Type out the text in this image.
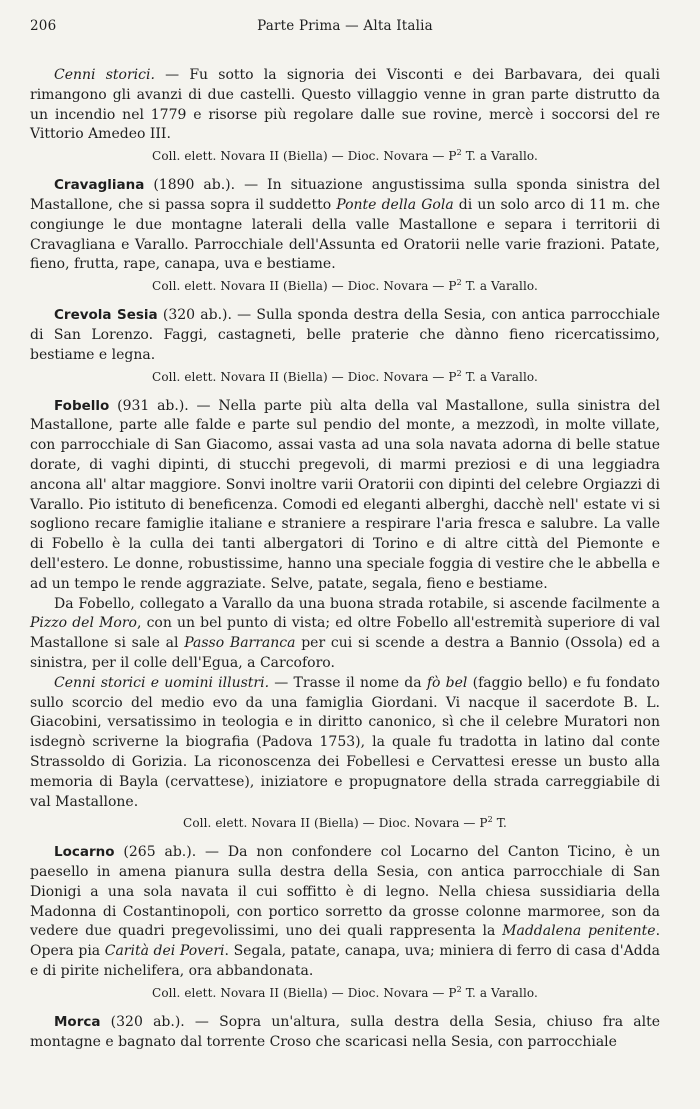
206	Parte Prima — Alta Italia

Cenni storici. — Fu sotto la signoria dei Visconti e dei Barbavara, dei quali rimangono gli avanzi di due castelli. Questo villaggio venne in gran parte distrutto da un incendio nel 1779 e risorse più regolare dalle sue rovine, mercè i soccorsi del re Vittorio Amedeo III.

Coll. elett. Novara II (Biella) — Dioc. Novara — $P^2$ T. a Varallo.

Cravagliana (1890 ab.). — In situazione angustissima sulla sponda sinistra del Mastallone, che si passa sopra il suddetto Ponte della Gola di un solo arco di 11 m. che congiunge le due montagne laterali della valle Mastallone e separa i territorii di Cravagliana e Varallo. Parrocchiale dell'Assunta ed Oratorii nelle varie frazioni. Patate, fieno, frutta, rape, canapa, uva e bestiame.

Coll. elett. Novara II (Biella) — Dioc. Novara — $P^2$ T. a Varallo.

Crevola Sesia (320 ab.). — Sulla sponda destra della Sesia, con antica parrocchiale di San Lorenzo. Faggi, castagneti, belle praterie che dànno fieno ricercatissimo, bestiame e legna.

Coll. elett. Novara II (Biella) — Dioc. Novara — $P^2$ T. a Varallo.

Fobello (931 ab.). — Nella parte più alta della val Mastallone, sulla sinistra del Mastallone, parte alle falde e parte sul pendio del monte, a mezzodì, in molte villate, con parrocchiale di San Giacomo, assai vasta ad una sola navata adorna di belle statue dorate, di vaghi dipinti, di stucchi pregevoli, di marmi preziosi e di una leggiadra ancona all' altar maggiore. Sonvi inoltre varii Oratorii con dipinti del celebre Orgiazzi di Varallo. Pio istituto di beneficenza. Comodi ed eleganti alberghi, dacchè nell' estate vi si sogliono recare famiglie italiane e straniere a respirare l'aria fresca e salubre. La valle di Fobello è la culla dei tanti albergatori di Torino e di altre città del Piemonte e dell'estero. Le donne, robustissime, hanno una speciale foggia di vestire che le abbella e ad un tempo le rende aggraziate. Selve, patate, segala, fieno e bestiame.

Da Fobello, collegato a Varallo da una buona strada rotabile, si ascende facilmente a Pizzo del Moro, con un bel punto di vista; ed oltre Fobello all'estremità superiore di val Mastallone si sale al Passo Barranca per cui si scende a destra a Bannio (Ossola) ed a sinistra, per il colle dell'Egua, a Carcoforo.

Cenni storici e uomini illustri. — Trasse il nome da fò bel (faggio bello) e fu fondato sullo scorcio del medio evo da una famiglia Giordani. Vi nacque il sacerdote B. L. Giacobini, versatissimo in teologia e in diritto canonico, sì che il celebre Muratori non isdegnò scriverne la biografia (Padova 1753), la quale fu tradotta in latino dal conte Strassoldo di Gorizia. La riconoscenza dei Fobellesi e Cervattesi eresse un busto alla memoria di Bayla (cervattese), iniziatore e propugnatore della strada carreggiabile di val Mastallone.

Coll. elett. Novara II (Biella) — Dioc. Novara — $P^2$ T.

Locarno (265 ab.). — Da non confondere col Locarno del Canton Ticino, è un paesello in amena pianura sulla destra della Sesia, con antica parrocchiale di San Dionigi a una sola navata il cui soffitto è di legno. Nella chiesa sussidiaria della Madonna di Costantinopoli, con portico sorretto da grosse colonne marmoree, son da vedere due quadri pregevolissimi, uno dei quali rappresenta la Maddalena penitente. Opera pia Carità dei Poveri. Segala, patate, canapa, uva; miniera di ferro di casa d'Adda e di pirite nichelifera, ora abbandonata.

Coll. elett. Novara II (Biella) — Dioc. Novara — $P^2$ T. a Varallo.

Morca (320 ab.). — Sopra un'altura, sulla destra della Sesia, chiuso fra alte montagne e bagnato dal torrente Croso che scaricasi nella Sesia, con parrocchiale
